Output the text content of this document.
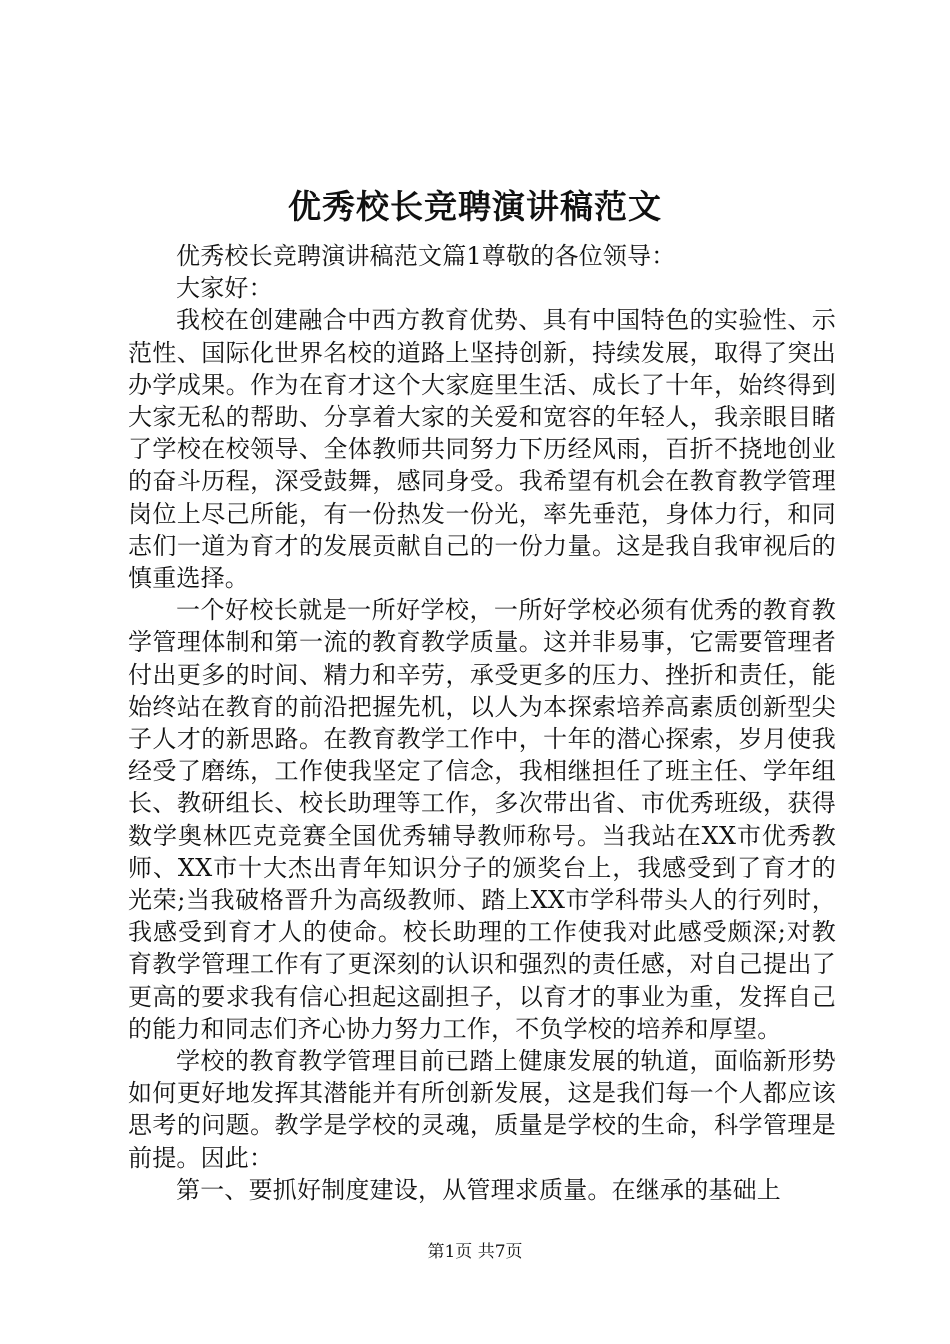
优秀校长竞聘演讲稿范文

优秀校长竞聘演讲稿范文篇1尊敬的各位领导：

大家好：

我校在创建融合中西方教育优势、具有中国特色的实验性、示范性、国际化世界名校的道路上坚持创新，持续发展，取得了突出办学成果。作为在育才这个大家庭里生活、成长了十年，始终得到大家无私的帮助、分享着大家的关爱和宽容的年轻人，我亲眼目睹了学校在校领导、全体教师共同努力下历经风雨，百折不挠地创业的奋斗历程，深受鼓舞，感同身受。我希望有机会在教育教学管理岗位上尽己所能，有一份热发一份光，率先垂范，身体力行，和同志们一道为育才的发展贡献自己的一份力量。这是我自我审视后的慎重选择。

一个好校长就是一所好学校，一所好学校必须有优秀的教育教学管理体制和第一流的教育教学质量。这并非易事，它需要管理者付出更多的时间、精力和辛劳，承受更多的压力、挫折和责任，能始终站在教育的前沿把握先机，以人为本探索培养高素质创新型尖子人才的新思路。在教育教学工作中，十年的潜心探索，岁月使我经受了磨练，工作使我坚定了信念，我相继担任了班主任、学年组长、教研组长、校长助理等工作，多次带出省、市优秀班级，获得数学奥林匹克竞赛全国优秀辅导教师称号。当我站在XX市优秀教师、XX市十大杰出青年知识分子的颁奖台上，我感受到了育才的光荣;当我破格晋升为高级教师、踏上XX市学科带头人的行列时，我感受到育才人的使命。校长助理的工作使我对此感受颇深;对教育教学管理工作有了更深刻的认识和强烈的责任感，对自己提出了更高的要求我有信心担起这副担子，以育才的事业为重，发挥自己的能力和同志们齐心协力努力工作，不负学校的培养和厚望。

学校的教育教学管理目前已踏上健康发展的轨道，面临新形势如何更好地发挥其潜能并有所创新发展，这是我们每一个人都应该思考的问题。教学是学校的灵魂，质量是学校的生命，科学管理是前提。因此：

第一、要抓好制度建设，从管理求质量。在继承的基础上

第1页 共7页
